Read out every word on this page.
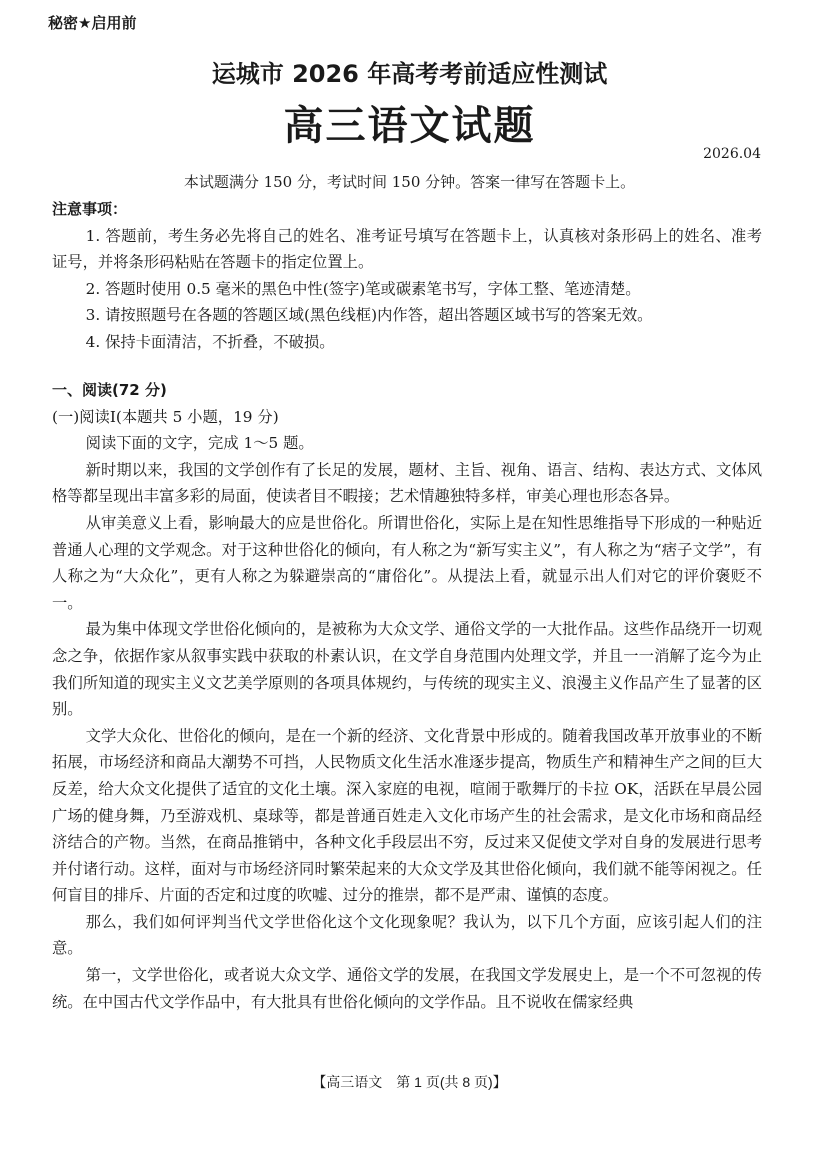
秘密★启用前
运城市 2026 年高考考前适应性测试
高三语文试题
2026.04
本试题满分 150 分，考试时间 150 分钟。答案一律写在答题卡上。

注意事项：

1. 答题前，考生务必先将自己的姓名、准考证号填写在答题卡上，认真核对条形码上的姓名、准考证号，并将条形码粘贴在答题卡的指定位置上。

2. 答题时使用 0.5 毫米的黑色中性(签字)笔或碳素笔书写，字体工整、笔迹清楚。

3. 请按照题号在各题的答题区域(黑色线框)内作答，超出答题区域书写的答案无效。

4. 保持卡面清洁，不折叠，不破损。

一、阅读(72 分)

(一)阅读Ⅰ(本题共 5 小题，19 分)

阅读下面的文字，完成 1～5 题。

新时期以来，我国的文学创作有了长足的发展，题材、主旨、视角、语言、结构、表达方式、文体风格等都呈现出丰富多彩的局面，使读者目不暇接；艺术情趣独特多样，审美心理也形态各异。

从审美意义上看，影响最大的应是世俗化。所谓世俗化，实际上是在知性思维指导下形成的一种贴近普通人心理的文学观念。对于这种世俗化的倾向，有人称之为“新写实主义”，有人称之为“痞子文学”，有人称之为“大众化”，更有人称之为躲避崇高的“庸俗化”。从提法上看，就显示出人们对它的评价褒贬不一。

最为集中体现文学世俗化倾向的，是被称为大众文学、通俗文学的一大批作品。这些作品绕开一切观念之争，依据作家从叙事实践中获取的朴素认识，在文学自身范围内处理文学，并且一一消解了迄今为止我们所知道的现实主义文艺美学原则的各项具体规约，与传统的现实主义、浪漫主义作品产生了显著的区别。

文学大众化、世俗化的倾向，是在一个新的经济、文化背景中形成的。随着我国改革开放事业的不断拓展，市场经济和商品大潮势不可挡，人民物质文化生活水准逐步提高，物质生产和精神生产之间的巨大反差，给大众文化提供了适宜的文化土壤。深入家庭的电视，喧闹于歌舞厅的卡拉 OK，活跃在早晨公园广场的健身舞，乃至游戏机、桌球等，都是普通百姓走入文化市场产生的社会需求，是文化市场和商品经济结合的产物。当然，在商品推销中，各种文化手段层出不穷，反过来又促使文学对自身的发展进行思考并付诸行动。这样，面对与市场经济同时繁荣起来的大众文学及其世俗化倾向，我们就不能等闲视之。任何盲目的排斥、片面的否定和过度的吹嘘、过分的推崇，都不是严肃、谨慎的态度。

那么，我们如何评判当代文学世俗化这个文化现象呢？我认为，以下几个方面，应该引起人们的注意。

第一，文学世俗化，或者说大众文学、通俗文学的发展，在我国文学发展史上，是一个不可忽视的传统。在中国古代文学作品中，有大批具有世俗化倾向的文学作品。且不说收在儒家经典

【高三语文　第 1 页(共 8 页)】
